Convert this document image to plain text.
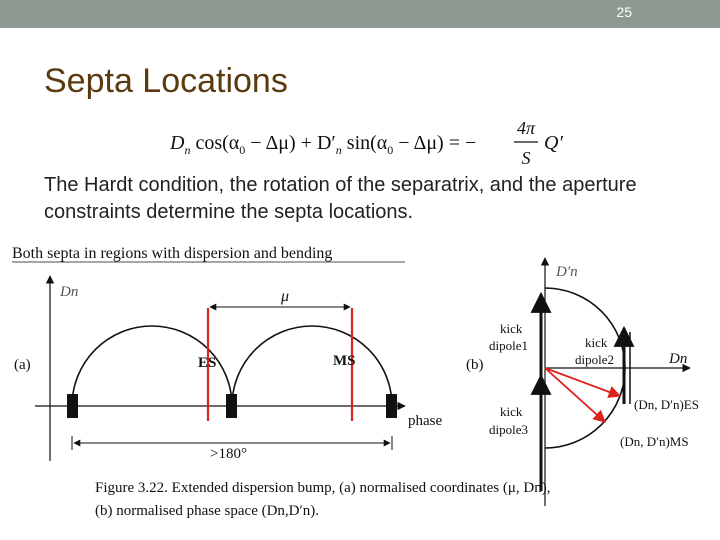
25
Septa Locations
$D_n$ $\cos(\alpha_0 - \Delta\mu) + D'_n$ $\sin(\alpha_0 - \Delta\mu)$ = −
4π
S
Q′
The Hardt condition, the rotation of the separatrix, and the aperture constraints determine the septa locations.
Both septa in regions with dispersion and bending
(a)
Dn
phase
ES	MS
μ
>180°
(b)
D′n
Dn
kick
dipole1	kick
dipole2
kick
dipole3
(Dn, D′n)ES
(Dn, D′n)MS
Figure 3.22. Extended dispersion bump, (a) normalised coordinates (μ, Dn),
(b) normalised phase space (Dn,D′n).
